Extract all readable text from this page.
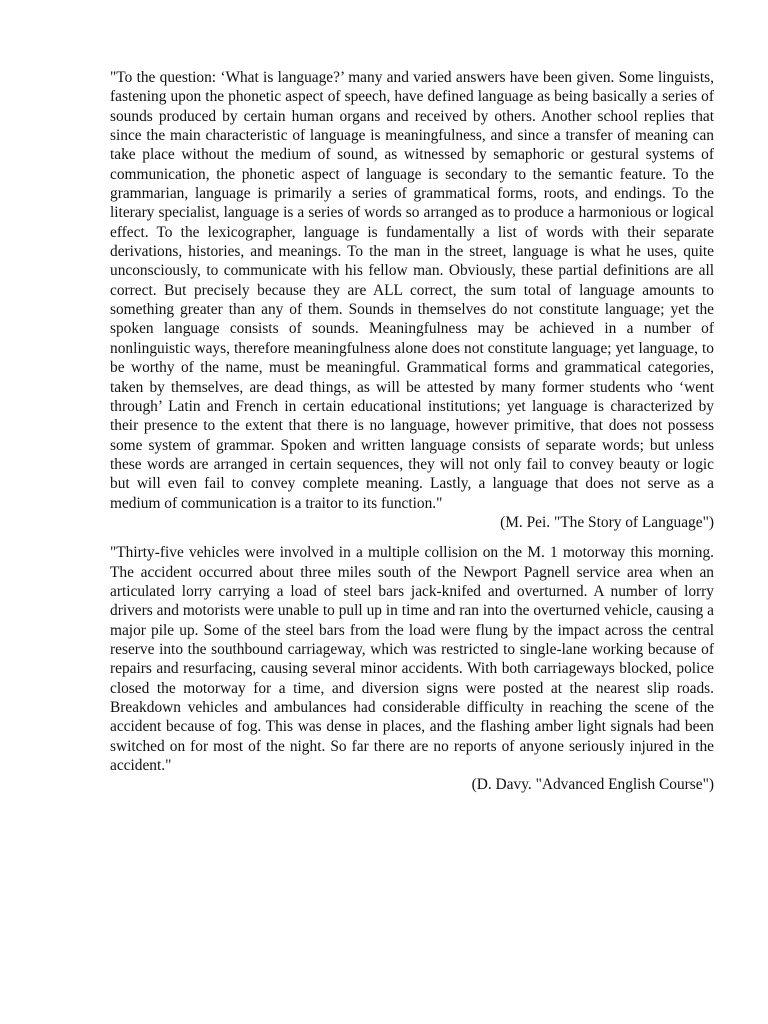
"To the question: ‘What is language?’ many and varied answers have been given. Some linguists, fastening upon the phonetic aspect of speech, have defined language as being basically a series of sounds produced by certain human organs and received by others. Another school replies that since the main characteristic of language is meaningfulness, and since a transfer of meaning can take place without the medium of sound, as witnessed by semaphoric or gestural systems of communication, the phonetic aspect of language is secondary to the semantic feature. To the grammarian, language is primarily a series of grammatical forms, roots, and endings. To the literary specialist, language is a series of words so arranged as to produce a harmonious or logical effect. To the lexicographer, language is fundamentally a list of words with their separate derivations, histories, and meanings. To the man in the street, language is what he uses, quite unconsciously, to communicate with his fellow man. Obviously, these partial definitions are all correct. But precisely because they are ALL correct, the sum total of language amounts to something greater than any of them. Sounds in themselves do not constitute language; yet the spoken language consists of sounds. Meaningfulness may be achieved in a number of nonlinguistic ways, therefore meaningfulness alone does not constitute language; yet language, to be worthy of the name, must be meaningful. Grammatical forms and grammatical categories, taken by themselves, are dead things, as will be attested by many former students who ‘went through’ Latin and French in certain educational institutions; yet language is characterized by their presence to the extent that there is no language, however primitive, that does not possess some system of grammar. Spoken and written language consists of separate words; but unless these words are arranged in certain sequences, they will not only fail to convey beauty or logic but will even fail to convey complete meaning. Lastly, a language that does not serve as a medium of communication is a traitor to its function."

(M. Pei. "The Story of Language")

"Thirty-five vehicles were involved in a multiple collision on the M. 1 motorway this morning. The accident occurred about three miles south of the Newport Pagnell service area when an articulated lorry carrying a load of steel bars jack-knifed and overturned. A number of lorry drivers and motorists were unable to pull up in time and ran into the overturned vehicle, causing a major pile up. Some of the steel bars from the load were flung by the impact across the central reserve into the southbound carriageway, which was restricted to single-lane working because of repairs and resurfacing, causing several minor accidents. With both carriageways blocked, police closed the motorway for a time, and diversion signs were posted at the nearest slip roads. Breakdown vehicles and ambulances had considerable difficulty in reaching the scene of the accident because of fog. This was dense in places, and the flashing amber light signals had been switched on for most of the night. So far there are no reports of anyone seriously injured in the accident."

(D. Davy. "Advanced English Course")
